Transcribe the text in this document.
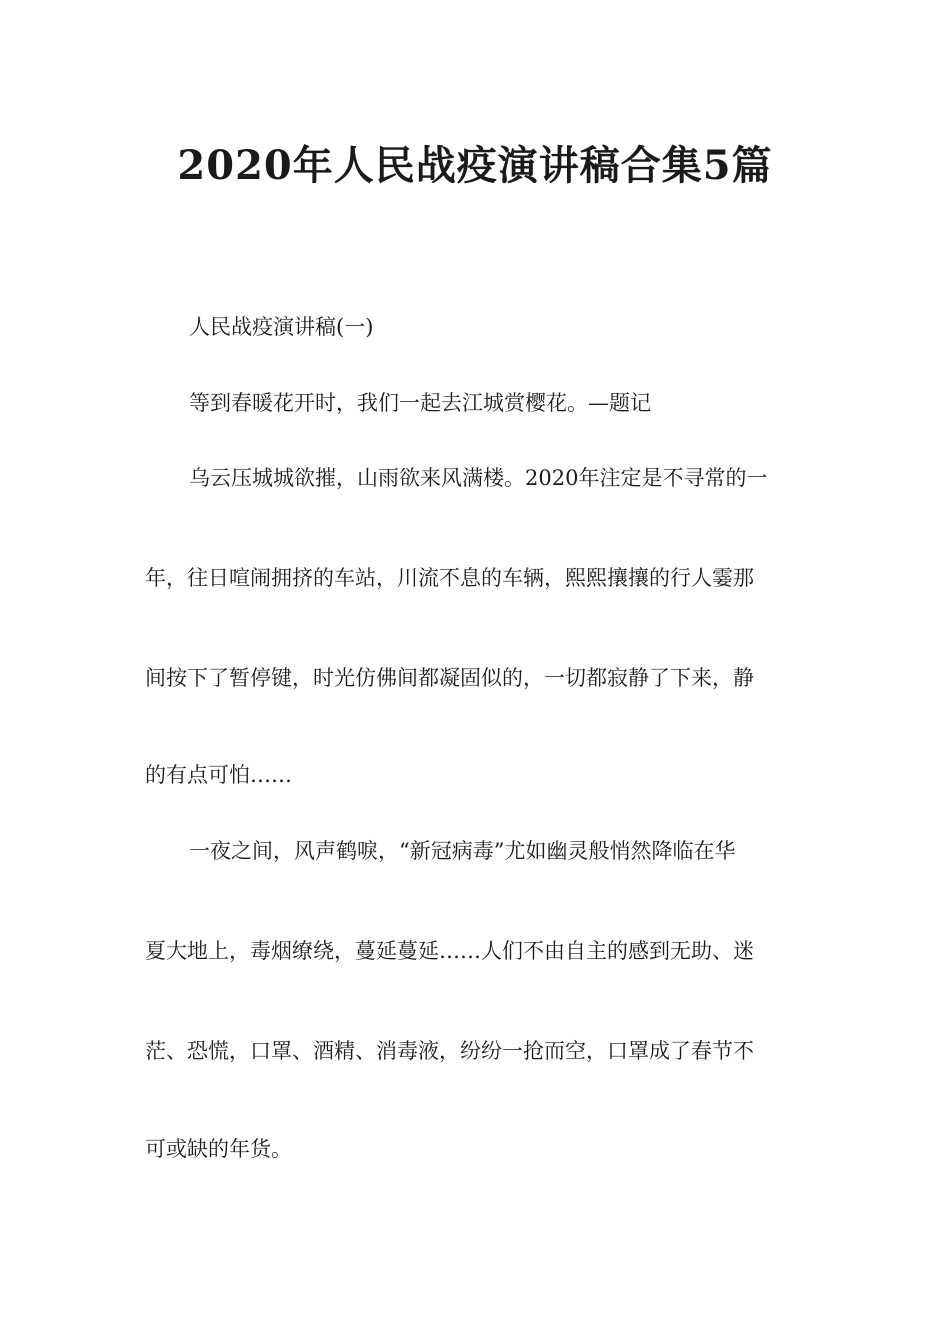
2020年人民战疫演讲稿合集5篇

人民战疫演讲稿(一)

等到春暖花开时，我们一起去江城赏樱花。—题记

乌云压城城欲摧，山雨欲来风满楼。2020年注定是不寻常的一

年，往日喧闹拥挤的车站，川流不息的车辆，熙熙攘攘的行人霎那

间按下了暂停键，时光仿佛间都凝固似的，一切都寂静了下来，静

的有点可怕……

一夜之间，风声鹤唳，“新冠病毒”尤如幽灵般悄然降临在华

夏大地上，毒烟缭绕，蔓延蔓延……人们不由自主的感到无助、迷

茫、恐慌，口罩、酒精、消毒液，纷纷一抢而空，口罩成了春节不

可或缺的年货。
